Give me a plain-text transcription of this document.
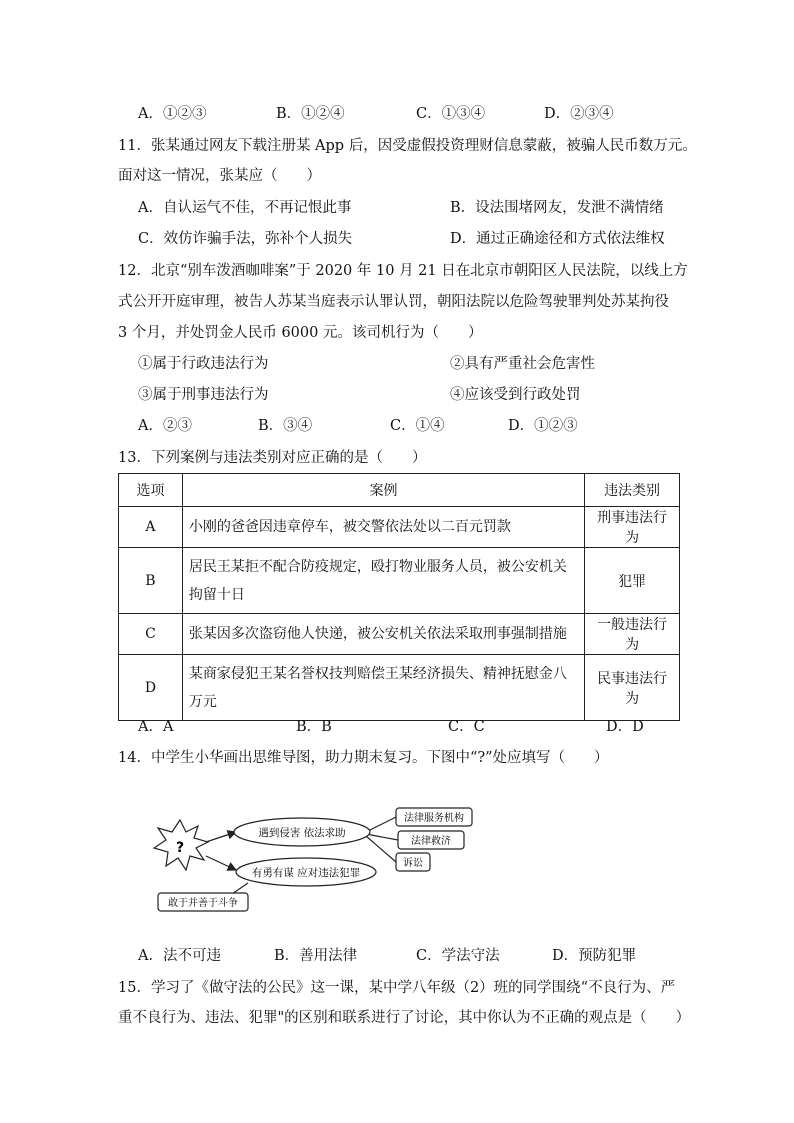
A．①②③	B．①②④	C．①③④	D．②③④
11．张某通过网友下载注册某 App 后，因受虚假投资理财信息蒙蔽，被骗人民币数万元。
面对这一情况，张某应（　　）
A．自认运气不佳，不再记恨此事	B．设法围堵网友，发泄不满情绪
C．效仿诈骗手法，弥补个人损失	D．通过正确途径和方式依法维权
12．北京“别车泼酒咖啡案”于 2020 年 10 月 21 日在北京市朝阳区人民法院，以线上方
式公开开庭审理，被告人苏某当庭表示认罪认罚，朝阳法院以危险驾驶罪判处苏某拘役
3 个月，并处罚金人民币 6000 元。该司机行为（　　）
①属于行政违法行为	②具有严重社会危害性
③属于刑事违法行为	④应该受到行政处罚
A．②③	B．③④	C．①④	D．①②③
13．下列案例与违法类别对应正确的是（　　）
选项	案例	违法类别
A	小刚的爸爸因违章停车，被交警依法处以二百元罚款	刑事违法行为
B	居民王某拒不配合防疫规定，殴打物业服务人员，被公安机关
拘留十日	犯罪
C	张某因多次盗窃他人快递，被公安机关依法采取刑事强制措施	一般违法行为
D	某商家侵犯王某名誉权技判赔偿王某经济损失、精神抚慰金八
万元	民事违法行为
A．A	B．B	C．C	D．D
14．中学生小华画出思维导图，助力期末复习。下图中“?”处应填写（　　）
?
遇到侵害 依法求助
有勇有谋 应对违法犯罪
法律服务机构
法律救济
诉讼
敢于并善于斗争
A．法不可违	B．善用法律	C．学法守法	D．预防犯罪
15．学习了《做守法的公民》这一课，某中学八年级（2）班的同学围绕“不良行为、严
重不良行为、违法、犯罪"的区别和联系进行了讨论，其中你认为不正确的观点是（　　）
